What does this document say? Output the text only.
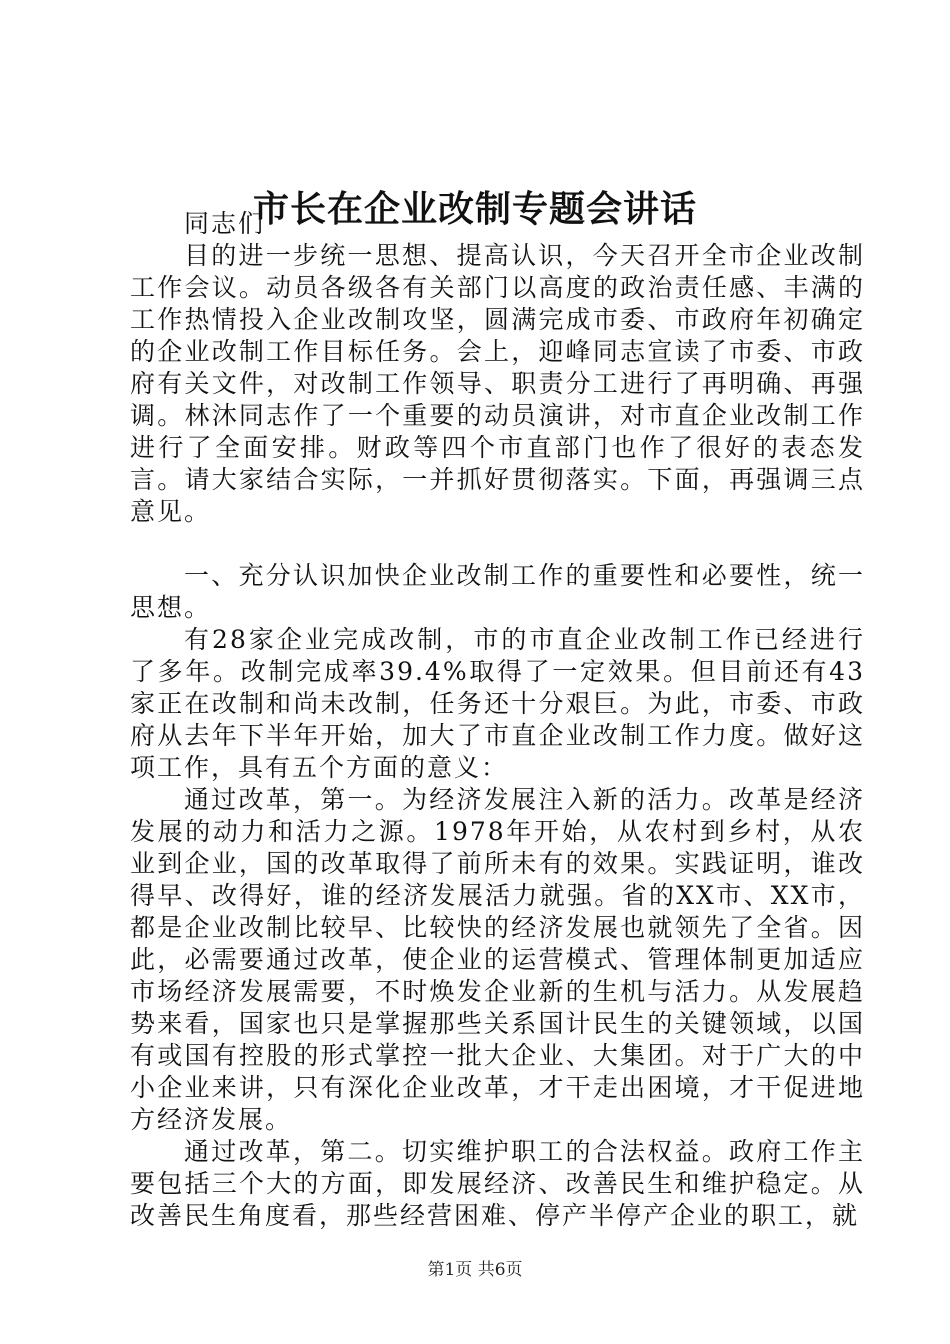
市长在企业改制专题会讲话

同志们

目的进一步统一思想、提高认识，今天召开全市企业改制工作会议。动员各级各有关部门以高度的政治责任感、丰满的工作热情投入企业改制攻坚，圆满完成市委、市政府年初确定的企业改制工作目标任务。会上，迎峰同志宣读了市委、市政府有关文件，对改制工作领导、职责分工进行了再明确、再强调。林沐同志作了一个重要的动员演讲，对市直企业改制工作进行了全面安排。财政等四个市直部门也作了很好的表态发言。请大家结合实际，一并抓好贯彻落实。下面，再强调三点意见。

一、充分认识加快企业改制工作的重要性和必要性，统一思想。

有28家企业完成改制，市的市直企业改制工作已经进行了多年。改制完成率39.4%取得了一定效果。但目前还有43家正在改制和尚未改制，任务还十分艰巨。为此，市委、市政府从去年下半年开始，加大了市直企业改制工作力度。做好这项工作，具有五个方面的意义：

通过改革，第一。为经济发展注入新的活力。改革是经济发展的动力和活力之源。1978年开始，从农村到乡村，从农业到企业，国的改革取得了前所未有的效果。实践证明，谁改得早、改得好，谁的经济发展活力就强。省的XX市、XX市，都是企业改制比较早、比较快的经济发展也就领先了全省。因此，必需要通过改革，使企业的运营模式、管理体制更加适应市场经济发展需要，不时焕发企业新的生机与活力。从发展趋势来看，国家也只是掌握那些关系国计民生的关键领域，以国有或国有控股的形式掌控一批大企业、大集团。对于广大的中小企业来讲，只有深化企业改革，才干走出困境，才干促进地方经济发展。

通过改革，第二。切实维护职工的合法权益。政府工作主要包括三个大的方面，即发展经济、改善民生和维护稳定。从改善民生角度看，那些经营困难、停产半停产企业的职工，就

第1页 共6页
